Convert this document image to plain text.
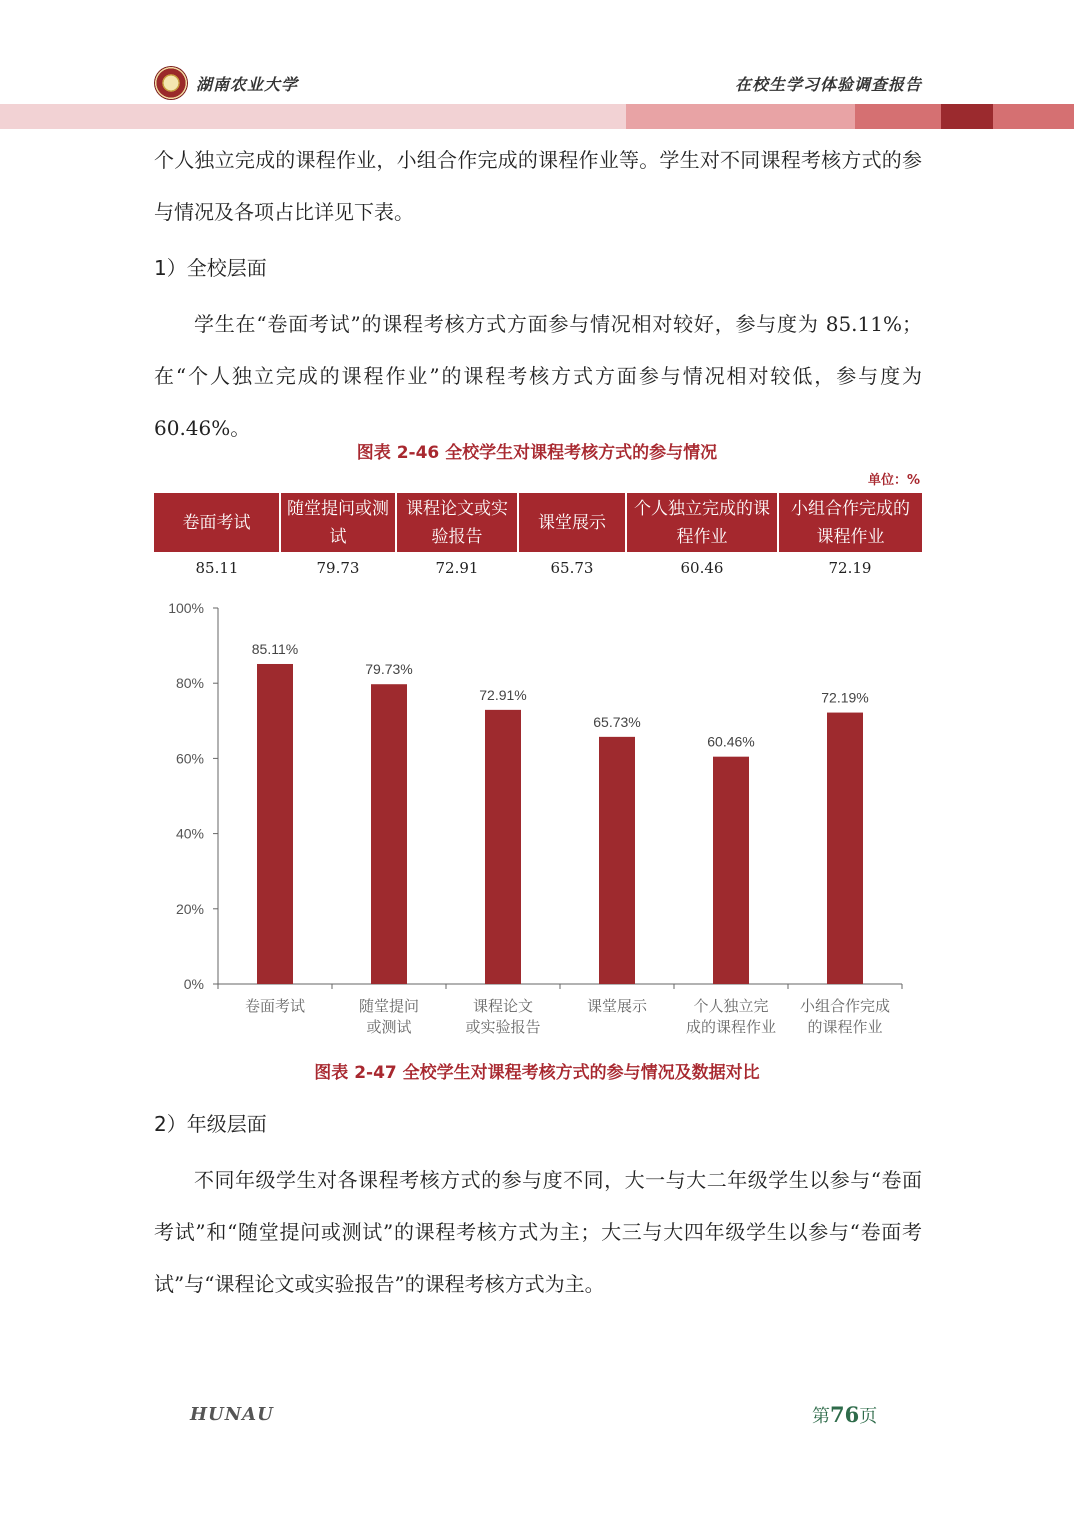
湖南农业大学	在校生学习体验调查报告
个人独立完成的课程作业，小组合作完成的课程作业等。学生对不同课程考核方式的参与情况及各项占比详见下表。
1）全校层面
学生在“卷面考试”的课程考核方式方面参与情况相对较好，参与度为 85.11%；在“个人独立完成的课程作业”的课程考核方式方面参与情况相对较低，参与度为 60.46%。
图表 2-46 全校学生对课程考核方式的参与情况
单位：%
卷面考试	随堂提问或测试	课程论文或实验报告	课堂展示	个人独立完成的课程作业	小组合作完成的课程作业
85.11	79.73	72.91	65.73	60.46	72.19
0%
20%
40%
60%
80%
100%
85.11%
卷面考试
79.73%
随堂提问
或测试
72.91%
课程论文
或实验报告
65.73%
课堂展示
60.46%
个人独立完
成的课程作业
72.19%
小组合作完成
的课程作业
图表 2-47 全校学生对课程考核方式的参与情况及数据对比
2）年级层面
不同年级学生对各课程考核方式的参与度不同，大一与大二年级学生以参与“卷面考试”和“随堂提问或测试”的课程考核方式为主；大三与大四年级学生以参与“卷面考试”与“课程论文或实验报告”的课程考核方式为主。
HUNAU	第76页
